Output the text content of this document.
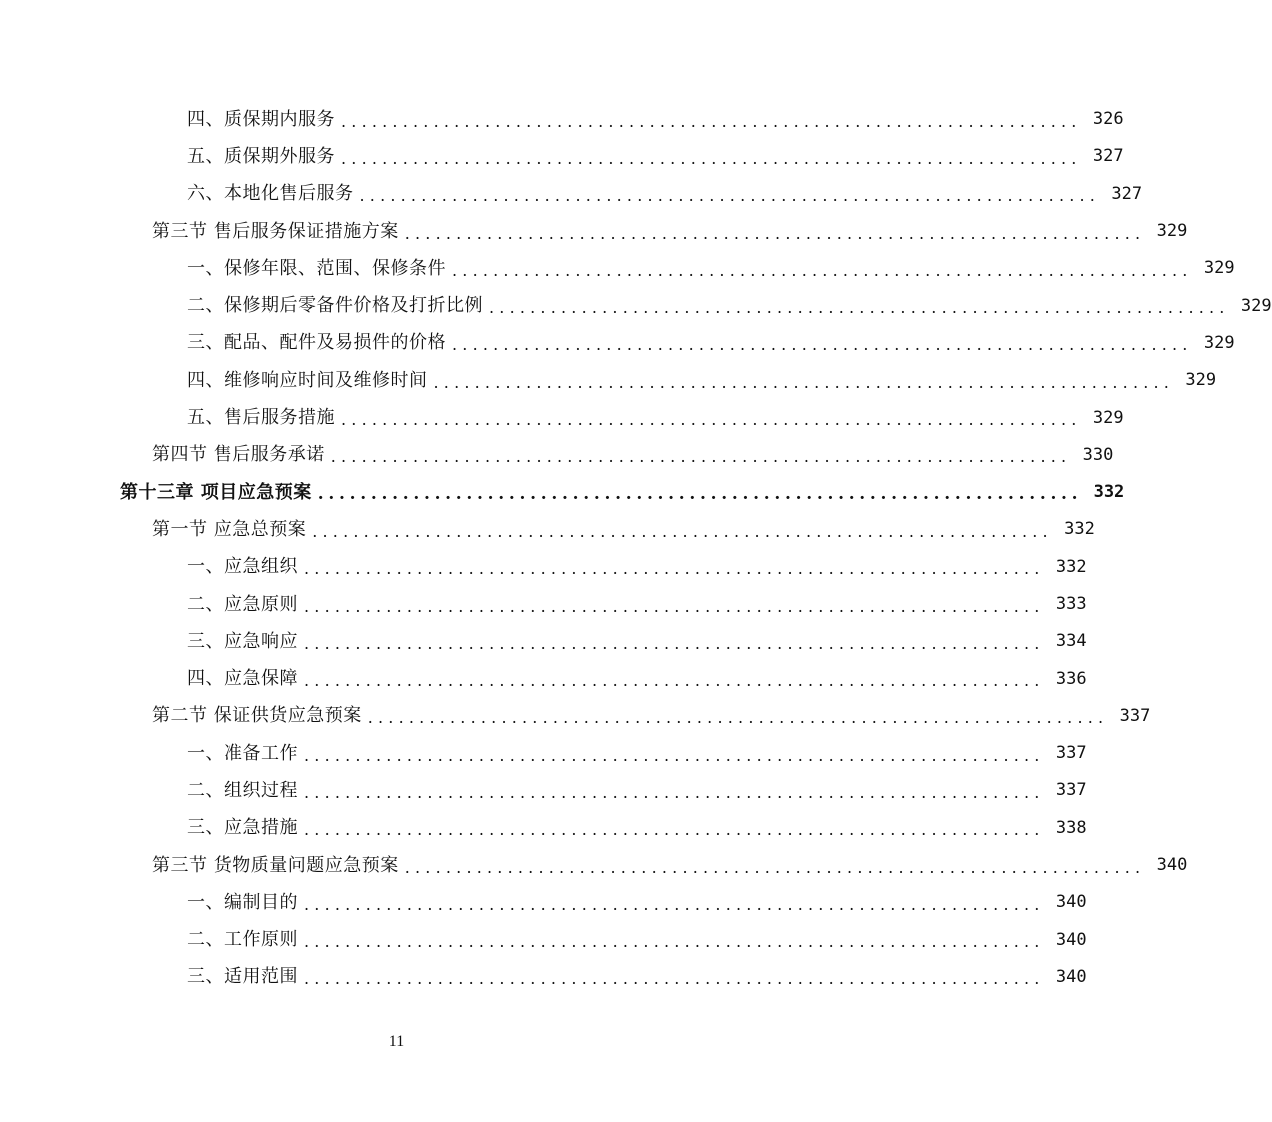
四、质保期内服务 ........................................................................ 326
五、质保期外服务 ........................................................................ 327
六、本地化售后服务 ........................................................................ 327
第三节 售后服务保证措施方案 ........................................................................ 329
一、保修年限、范围、保修条件 ........................................................................ 329
二、保修期后零备件价格及打折比例 ........................................................................ 329
三、配品、配件及易损件的价格 ........................................................................ 329
四、维修响应时间及维修时间 ........................................................................ 329
五、售后服务措施 ........................................................................ 329
第四节 售后服务承诺 ........................................................................ 330
第十三章 项目应急预案 ........................................................................ 332
第一节 应急总预案 ........................................................................ 332
一、应急组织 ........................................................................ 332
二、应急原则 ........................................................................ 333
三、应急响应 ........................................................................ 334
四、应急保障 ........................................................................ 336
第二节 保证供货应急预案 ........................................................................ 337
一、准备工作 ........................................................................ 337
二、组织过程 ........................................................................ 337
三、应急措施 ........................................................................ 338
第三节 货物质量问题应急预案 ........................................................................ 340
一、编制目的 ........................................................................ 340
二、工作原则 ........................................................................ 340
三、适用范围 ........................................................................ 340
11
